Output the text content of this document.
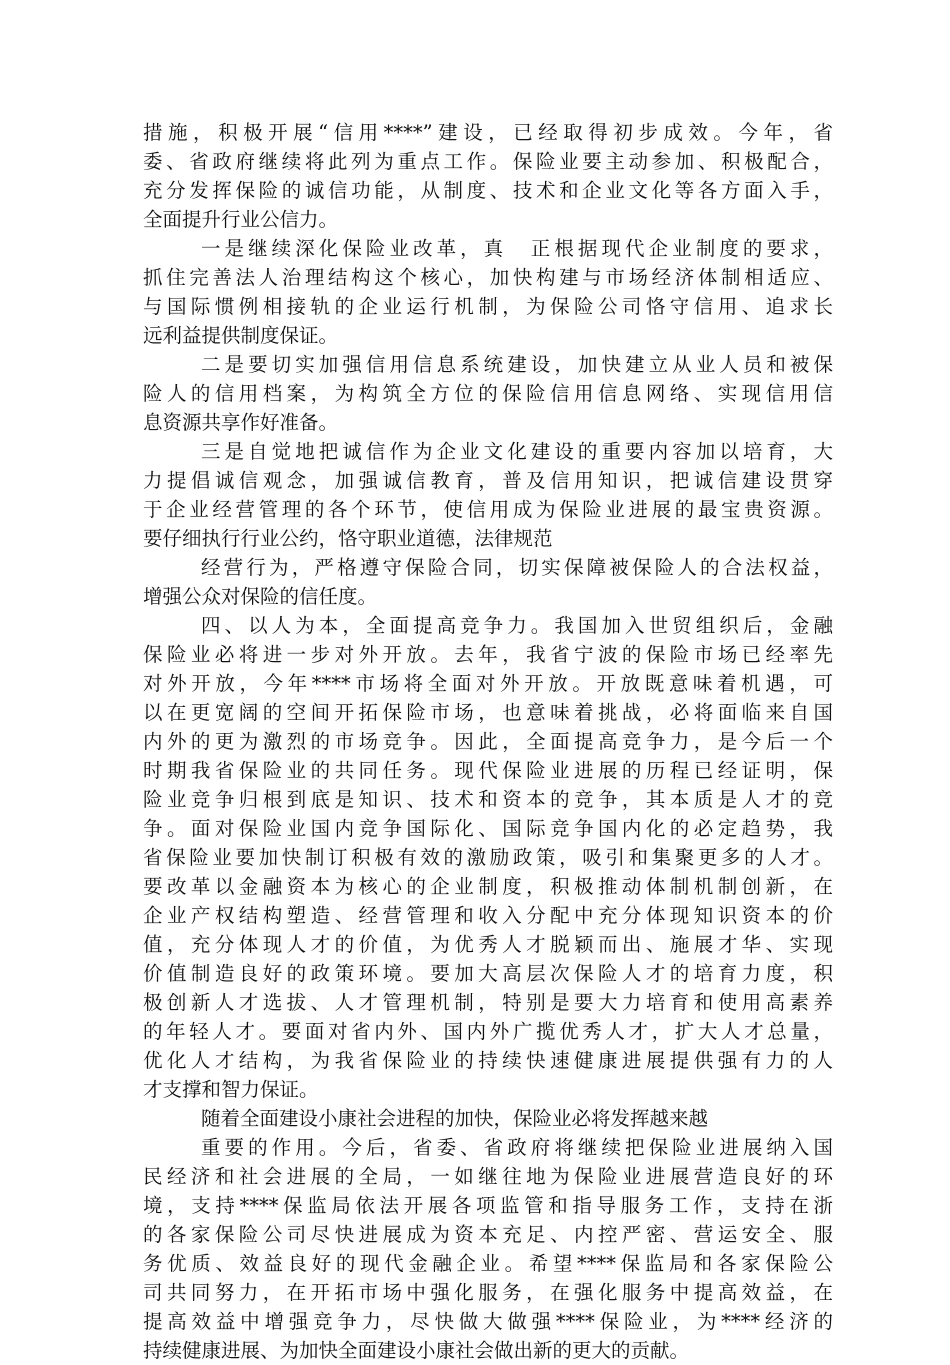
措施，积极开展“信用****”建设，已经取得初步成效。今年，省
委、省政府继续将此列为重点工作。保险业要主动参加、积极配合，
充分发挥保险的诚信功能，从制度、技术和企业文化等各方面入手，
全面提升行业公信力。
一是继续深化保险业改革，真　正根据现代企业制度的要求，
抓住完善法人治理结构这个核心，加快构建与市场经济体制相适应、
与国际惯例相接轨的企业运行机制，为保险公司恪守信用、追求长
远利益提供制度保证。
二是要切实加强信用信息系统建设，加快建立从业人员和被保
险人的信用档案，为构筑全方位的保险信用信息网络、实现信用信
息资源共享作好准备。
三是自觉地把诚信作为企业文化建设的重要内容加以培育，大
力提倡诚信观念，加强诚信教育，普及信用知识，把诚信建设贯穿
于企业经营管理的各个环节，使信用成为保险业进展的最宝贵资源。
要仔细执行行业公约，恪守职业道德，法律规范
经营行为，严格遵守保险合同，切实保障被保险人的合法权益，
增强公众对保险的信任度。
四、以人为本，全面提高竞争力。我国加入世贸组织后，金融
保险业必将进一步对外开放。去年，我省宁波的保险市场已经率先
对外开放，今年****市场将全面对外开放。开放既意味着机遇，可
以在更宽阔的空间开拓保险市场，也意味着挑战，必将面临来自国
内外的更为激烈的市场竞争。因此，全面提高竞争力，是今后一个
时期我省保险业的共同任务。现代保险业进展的历程已经证明，保
险业竞争归根到底是知识、技术和资本的竞争，其本质是人才的竞
争。面对保险业国内竞争国际化、国际竞争国内化的必定趋势，我
省保险业要加快制订积极有效的激励政策，吸引和集聚更多的人才。
要改革以金融资本为核心的企业制度，积极推动体制机制创新，在
企业产权结构塑造、经营管理和收入分配中充分体现知识资本的价
值，充分体现人才的价值，为优秀人才脱颖而出、施展才华、实现
价值制造良好的政策环境。要加大高层次保险人才的培育力度，积
极创新人才选拔、人才管理机制，特别是要大力培育和使用高素养
的年轻人才。要面对省内外、国内外广揽优秀人才，扩大人才总量，
优化人才结构，为我省保险业的持续快速健康进展提供强有力的人
才支撑和智力保证。
随着全面建设小康社会进程的加快，保险业必将发挥越来越
重要的作用。今后，省委、省政府将继续把保险业进展纳入国
民经济和社会进展的全局，一如继往地为保险业进展营造良好的环
境，支持****保监局依法开展各项监管和指导服务工作，支持在浙
的各家保险公司尽快进展成为资本充足、内控严密、营运安全、服
务优质、效益良好的现代金融企业。希望****保监局和各家保险公
司共同努力，在开拓市场中强化服务，在强化服务中提高效益，在
提高效益中增强竞争力，尽快做大做强****保险业，为****经济的
持续健康进展、为加快全面建设小康社会做出新的更大的贡献。
